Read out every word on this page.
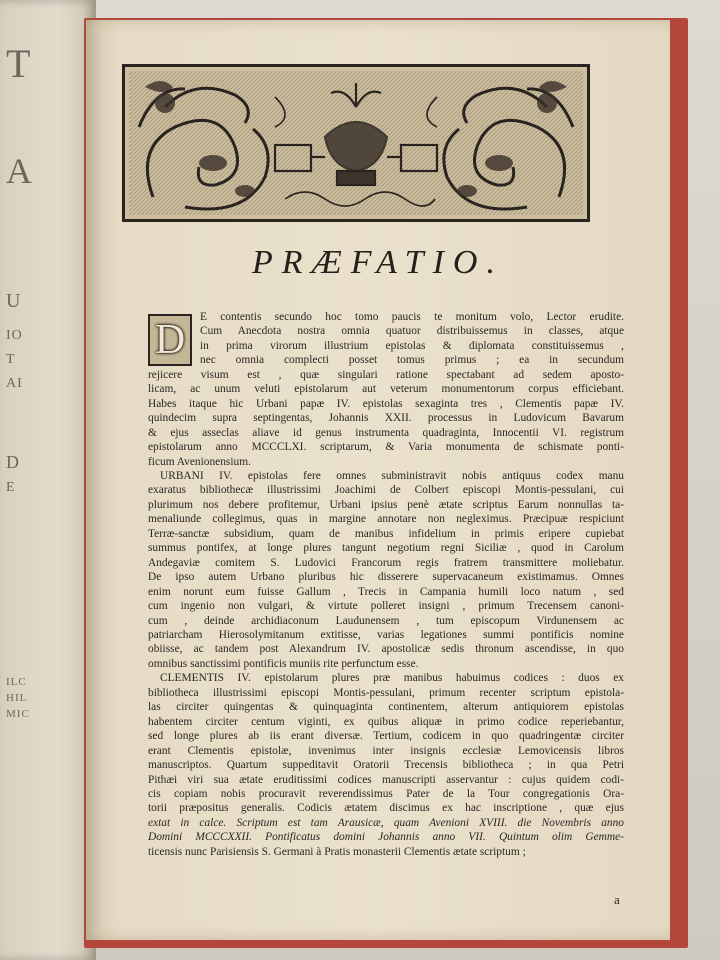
T
A
U
IO
T
AI
D
E
ILC
HIL
MIC
PRÆFATIO.
D	E contentis secundo hoc tomo paucis te monitum volo, Lector erudite.
Cum Anecdota nostra omnia quatuor distribuissemus in classes, atque
in prima virorum illustrium epistolas & diplomata constituissemus ,
nec omnia complecti posset tomus primus ; ea in secundum
rejicere visum est , quæ singulari ratione spectabant ad sedem aposto-
licam, ac unum veluti epistolarum aut veterum monumentorum corpus efficiebant.
Habes itaque hic Urbani papæ IV. epistolas sexaginta tres , Clementis papæ IV.
quindecim supra septingentas, Johannis XXII. processus in Ludovicum Bavarum
& ejus asseclas aliave id genus instrumenta quadraginta, Innocentii VI. registrum
epistolarum anno MCCCLXI. scriptarum, & Varia monumenta de schismate ponti-
ficum Avenionensium.

URBANI IV. epistolas fere omnes subministravit nobis antiquus codex manu
exaratus bibliothecæ illustrissimi Joachimi de Colbert episcopi Montis-pessulani, cui
plurimum nos debere profitemur, Urbani ipsius penè ætate scriptus Earum nonnullas ta-
menaliunde collegimus, quas in margine annotare non neglеximus. Præcipuæ respiciunt
Terræ-sanctæ subsidium, quam de manibus infidelium in primis eripere cupiebat
summus pontifex, at longe plures tangunt negotium regni Siciliæ , quod in Carolum
Andegaviæ comitem S. Ludovici Francorum regis fratrem transmittere moliebatur.
De ipso autem Urbano pluribus hic disserere supervacaneum existimamus. Omnes
enim norunt eum fuisse Gallum , Trecis in Campania humili loco natum , sed
cum ingenio non vulgari, & virtute polleret insigni , primum Trecensem canoni-
cum , deinde archidiaconum Laudunensem , tum episcopum Virdunensem ac
patriarcham Hierosolymitanum extitisse, varias legationes summi pontificis nomine
obiisse, ac tandem post Alexandrum IV. apostolicæ sedis thronum ascendisse, in quo
omnibus sanctissimi pontificis muniis rite perfunctum esse.

CLEMENTIS IV. epistolarum plures præ manibus habuimus codices : duos ex
bibliotheca illustrissimi episcopi Montis-pessulani, primum recenter scriptum epistola-
las circiter quingentas & quinquaginta continentem, alterum antiquiorem epistolas
habentem circiter centum viginti, ex quibus aliquæ in primo codice reperiebantur,
sed longe plures ab iis erant diversæ. Tertium, codicem in quo quadringentæ circiter
erant Clementis epistolæ, invenimus inter insignis ecclesiæ Lemovicensis libros
manuscriptos. Quartum suppeditavit Oratorii Trecensis bibliotheca ; in qua Petri
Pithæi viri sua ætate eruditissimi codices manuscripti asservantur : cujus quidem codi-
cis copiam nobis procuravit reverendissimus Pater de la Tour congregationis Ora-
torii præpositus generalis. Codicis ætatem discimus ex hac inscriptione , quæ ejus
extat in calce. Scriptum est tam Arausicæ, quam Avenioni XVIII. die Novembris anno
Domini MCCCXXII. Pontificatus domini Johannis anno VII. Quintum olim Gemme-
ticensis nunc Parisiensis S. Germani à Pratis monasterii Clementis ætate scriptum ;

a
